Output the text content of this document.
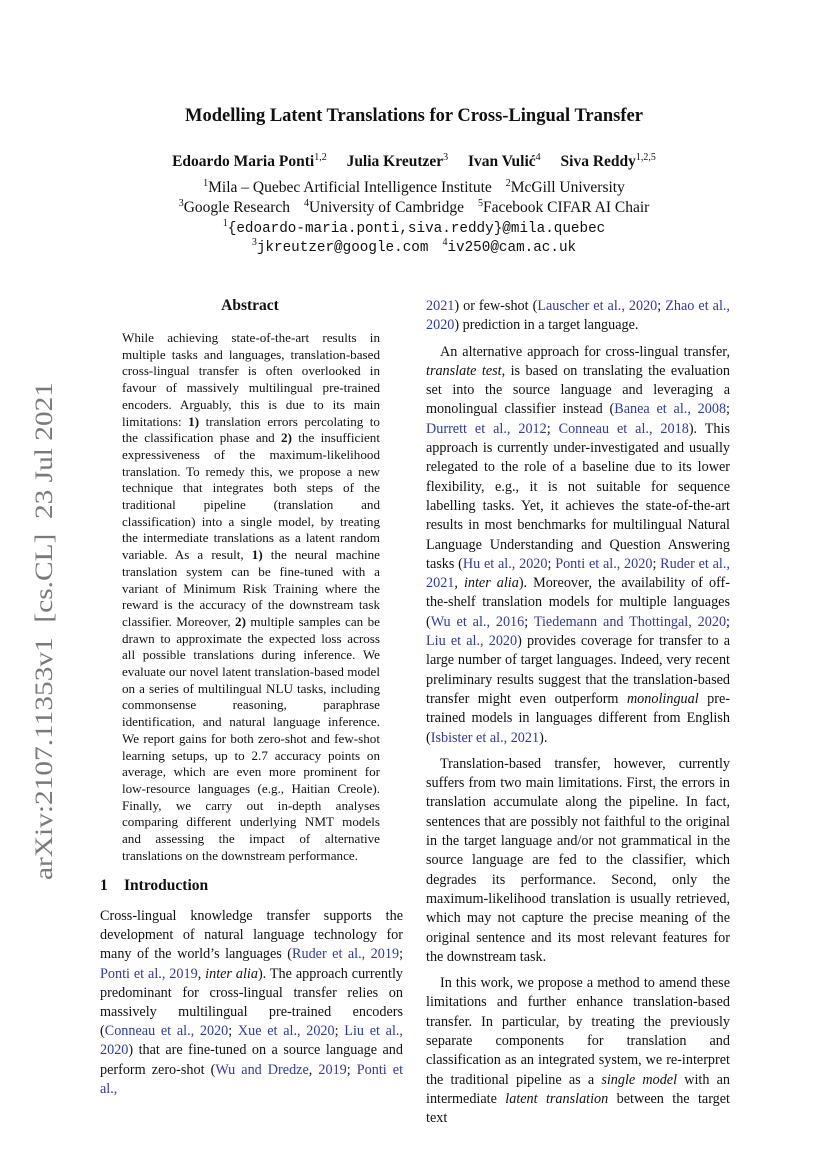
arXiv:2107.11353v1  [cs.CL]  23 Jul 2021
Modelling Latent Translations for Cross-Lingual Transfer
Edoardo Maria Ponti$^{1,2}$ Julia Kreutzer$^3$ Ivan Vulić$^4$ Siva Reddy$^{1,2,5}$
$^1$Mila – Quebec Artificial Intelligence Institute $^2$McGill University
$^3$Google Research $^4$University of Cambridge $^5$Facebook CIFAR AI Chair
$^1${edoardo-maria.ponti,siva.reddy}@mila.quebec
$^3$jkreutzer@google.com $^4$iv250@cam.ac.uk
Abstract
While achieving state-of-the-art results in multiple tasks and languages, translation-based cross-lingual transfer is often overlooked in favour of massively multilingual pre-trained encoders. Arguably, this is due to its main limitations: 1) translation errors percolating to the classification phase and 2) the insufficient expressiveness of the maximum-likelihood translation. To remedy this, we propose a new technique that integrates both steps of the traditional pipeline (translation and classification) into a single model, by treating the intermediate translations as a latent random variable. As a result, 1) the neural machine translation system can be fine-tuned with a variant of Minimum Risk Training where the reward is the accuracy of the downstream task classifier. Moreover, 2) multiple samples can be drawn to approximate the expected loss across all possible translations during inference. We evaluate our novel latent translation-based model on a series of multilingual NLU tasks, including commonsense reasoning, paraphrase identification, and natural language inference. We report gains for both zero-shot and few-shot learning setups, up to 2.7 accuracy points on average, which are even more prominent for low-resource languages (e.g., Haitian Creole). Finally, we carry out in-depth analyses comparing different underlying NMT models and assessing the impact of alternative translations on the downstream performance.
1 Introduction

Cross-lingual knowledge transfer supports the development of natural language technology for many of the world’s languages (Ruder et al., 2019; Ponti et al., 2019, inter alia). The approach currently predominant for cross-lingual transfer relies on massively multilingual pre-trained encoders (Conneau et al., 2020; Xue et al., 2020; Liu et al., 2020) that are fine-tuned on a source language and perform zero-shot (Wu and Dredze, 2019; Ponti et al.,

2021) or few-shot (Lauscher et al., 2020; Zhao et al., 2020) prediction in a target language.

An alternative approach for cross-lingual transfer, translate test, is based on translating the evaluation set into the source language and leveraging a monolingual classifier instead (Banea et al., 2008; Durrett et al., 2012; Conneau et al., 2018). This approach is currently under-investigated and usually relegated to the role of a baseline due to its lower flexibility, e.g., it is not suitable for sequence labelling tasks. Yet, it achieves the state-of-the-art results in most benchmarks for multilingual Natural Language Understanding and Question Answering tasks (Hu et al., 2020; Ponti et al., 2020; Ruder et al., 2021, inter alia). Moreover, the availability of off-the-shelf translation models for multiple languages (Wu et al., 2016; Tiedemann and Thottingal, 2020; Liu et al., 2020) provides coverage for transfer to a large number of target languages. Indeed, very recent preliminary results suggest that the translation-based transfer might even outperform monolingual pre-trained models in languages different from English (Isbister et al., 2021).

Translation-based transfer, however, currently suffers from two main limitations. First, the errors in translation accumulate along the pipeline. In fact, sentences that are possibly not faithful to the original in the target language and/or not grammatical in the source language are fed to the classifier, which degrades its performance. Second, only the maximum-likelihood translation is usually retrieved, which may not capture the precise meaning of the original sentence and its most relevant features for the downstream task.

In this work, we propose a method to amend these limitations and further enhance translation-based transfer. In particular, by treating the previously separate components for translation and classification as an integrated system, we re-interpret the traditional pipeline as a single model with an intermediate latent translation between the target text
